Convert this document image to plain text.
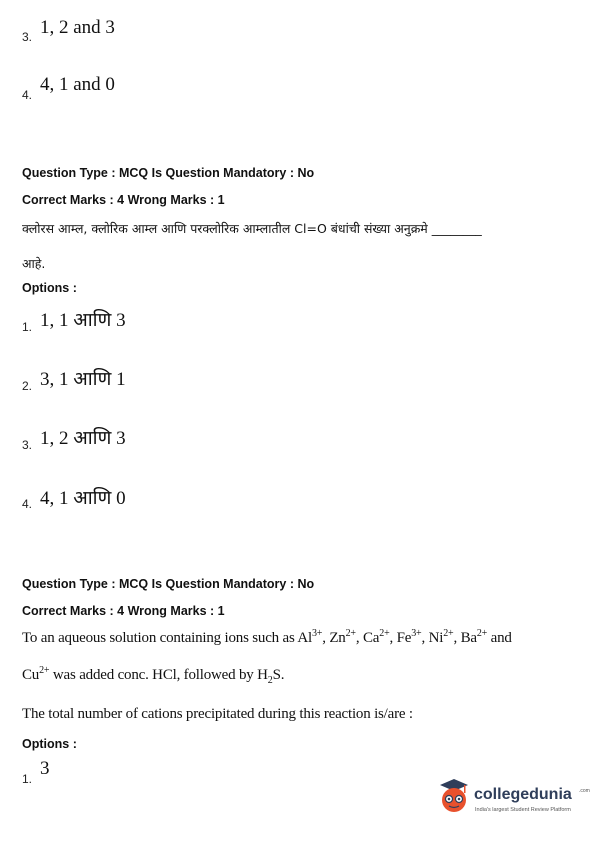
3. 1, 2 and 3
4. 4, 1 and 0
Question Type : MCQ Is Question Mandatory : No
Correct Marks : 4 Wrong Marks : 1
क्लोरस आम्ल, क्लोरिक आम्ल आणि परक्लोरिक आम्लातील Cl=O बंधांची संख्या अनुक्रमे ________
आहे.
Options :
1. 1, 1 आणि 3
2. 3, 1 आणि 1
3. 1, 2 आणि 3
4. 4, 1 आणि 0
Question Type : MCQ Is Question Mandatory : No
Correct Marks : 4 Wrong Marks : 1
To an aqueous solution containing ions such as $Al^{3+}$, $Zn^{2+}$, $Ca^{2+}$, $Fe^{3+}$, $Ni^{2+}$, $Ba^{2+}$ and
$Cu^{2+}$ was added conc. HCl, followed by $H_2S$.
The total number of cations precipitated during this reaction is/are :
Options :
1. 3
collegedunia .com
India's largest Student Review Platform
